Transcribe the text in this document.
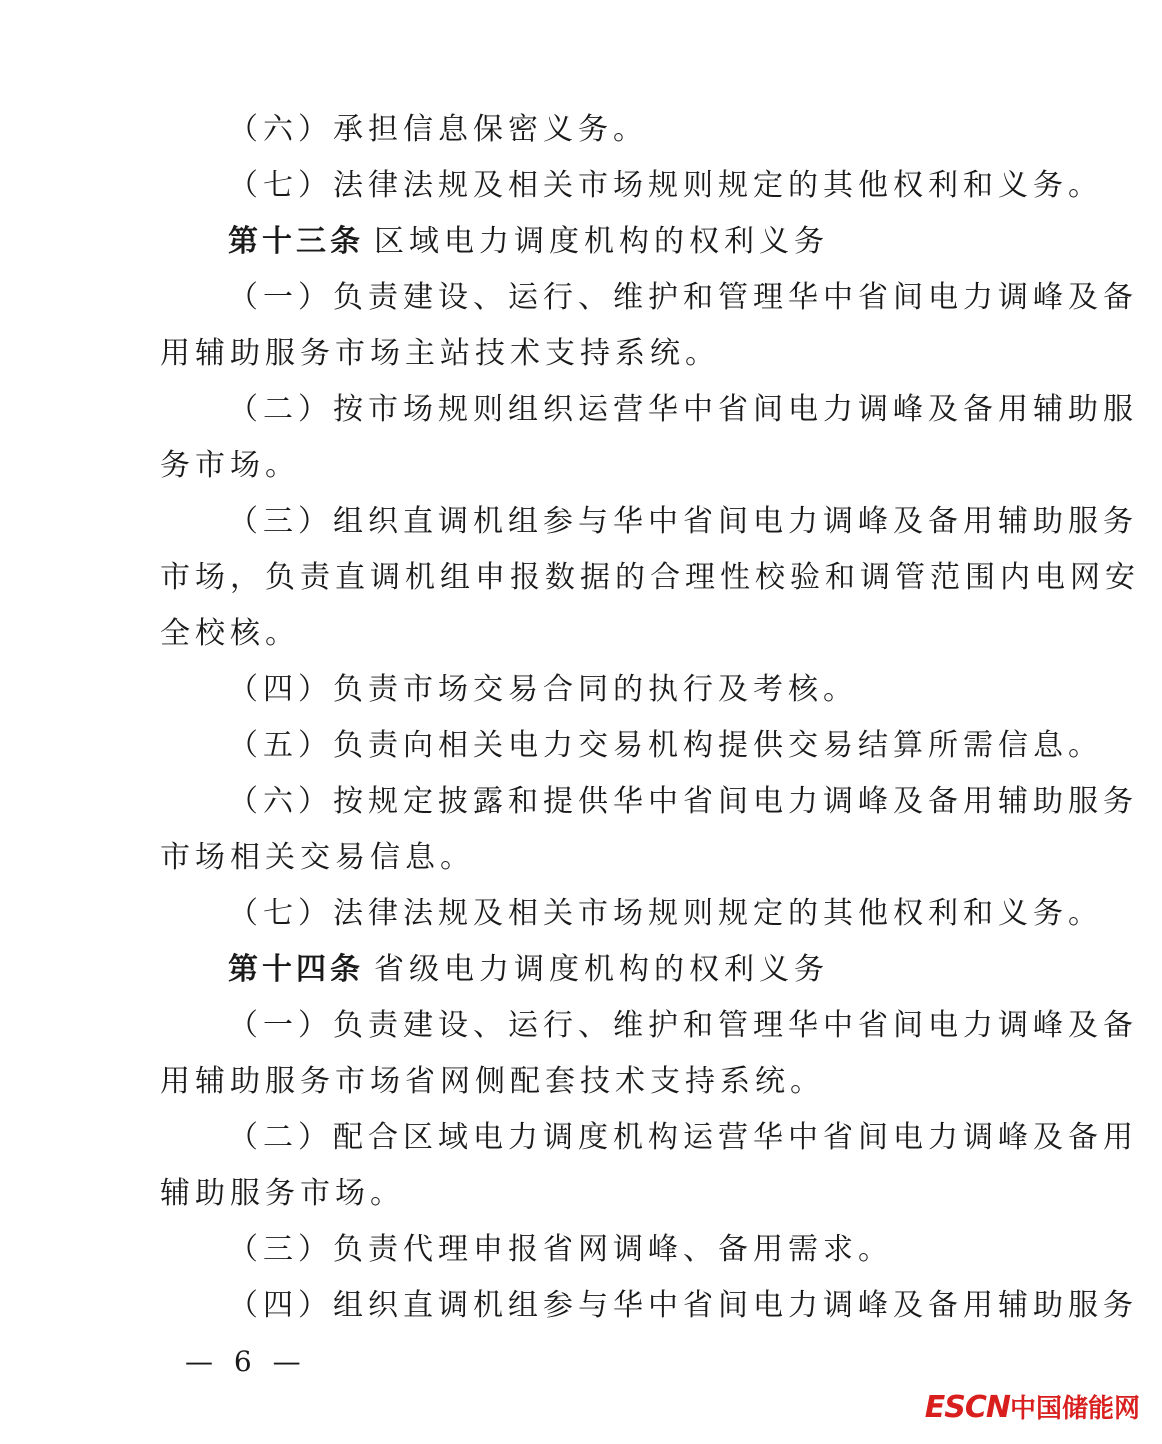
（六）承担信息保密义务。
（七）法律法规及相关市场规则规定的其他权利和义务。
第十三条 区域电力调度机构的权利义务
（一）负责建设、运行、维护和管理华中省间电力调峰及备
用辅助服务市场主站技术支持系统。
（二）按市场规则组织运营华中省间电力调峰及备用辅助服
务市场。
（三）组织直调机组参与华中省间电力调峰及备用辅助服务
市场，负责直调机组申报数据的合理性校验和调管范围内电网安
全校核。
（四）负责市场交易合同的执行及考核。
（五）负责向相关电力交易机构提供交易结算所需信息。
（六）按规定披露和提供华中省间电力调峰及备用辅助服务
市场相关交易信息。
（七）法律法规及相关市场规则规定的其他权利和义务。
第十四条 省级电力调度机构的权利义务
（一）负责建设、运行、维护和管理华中省间电力调峰及备
用辅助服务市场省网侧配套技术支持系统。
（二）配合区域电力调度机构运营华中省间电力调峰及备用
辅助服务市场。
（三）负责代理申报省网调峰、备用需求。
（四）组织直调机组参与华中省间电力调峰及备用辅助服务
— 6 —
ESCN中国储能网
